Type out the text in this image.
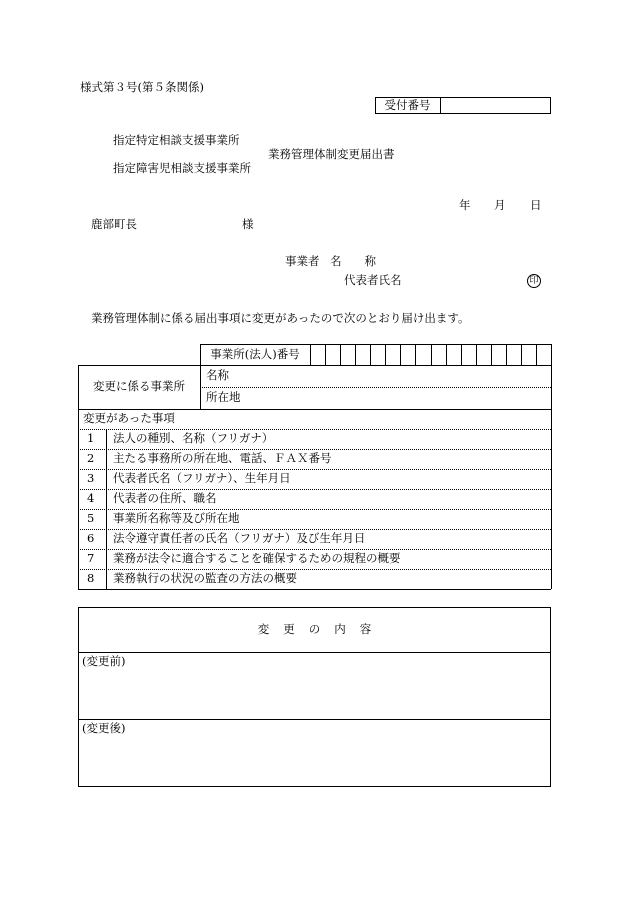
様式第３号(第５条関係)
受付番号
指定特定相談支援事業所
業務管理体制変更届出書
指定障害児相談支援事業所
年 月 日
鹿部町長	様
事業者 名　　称
代表者氏名	印
業務管理体制に係る届出事項に変更があったので次のとおり届け出ます。
事業所(法人)番号
変更に係る事業所
名称
所在地
変更があった事項
1 法人の種別、名称（フリガナ）
2 主たる事務所の所在地、電話、ＦＡＸ番号
3 代表者氏名（フリガナ）、生年月日
4 代表者の住所、職名
5 事業所名称等及び所在地
6 法令遵守責任者の氏名（フリガナ）及び生年月日
7 業務が法令に適合することを確保するための規程の概要
8 業務執行の状況の監査の方法の概要
変更の内容
(変更前)
(変更後)
